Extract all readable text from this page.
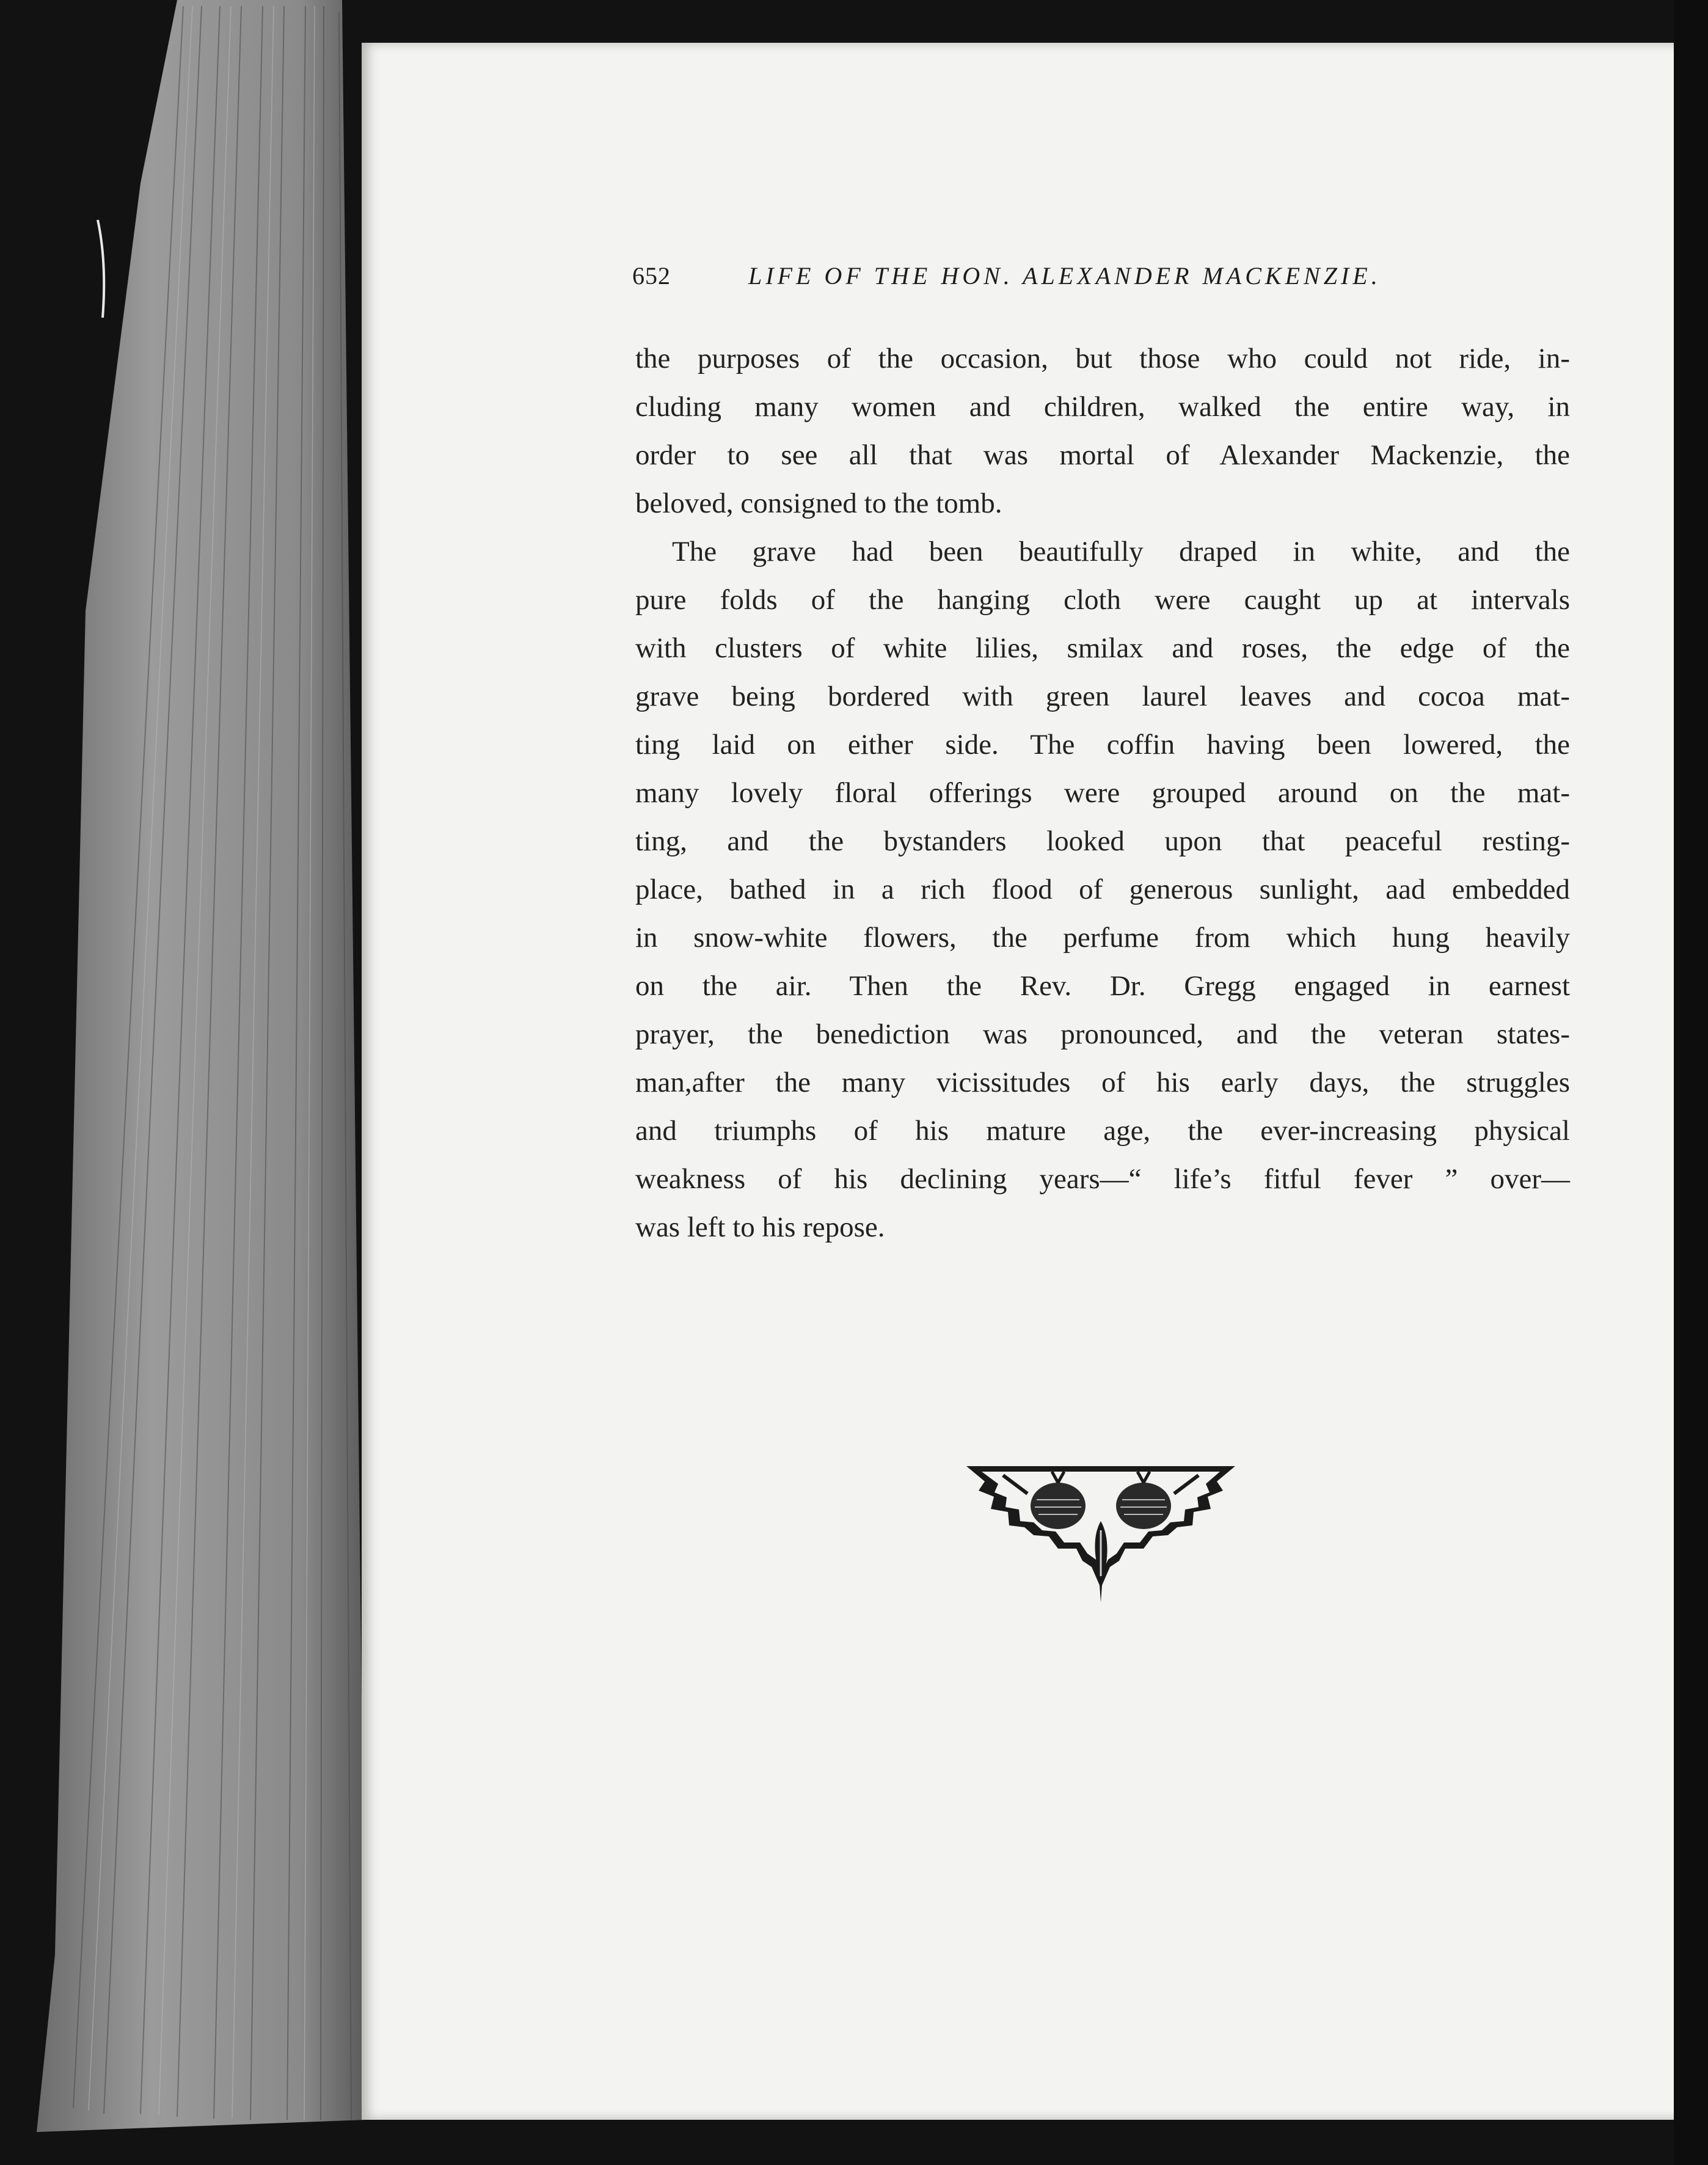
652	LIFE OF THE HON. ALEXANDER MACKENZIE.
the purposes of the occasion, but those who could not ride, in-
cluding many women and children, walked the entire way, in
order to see all that was mortal of Alexander Mackenzie, the
beloved, consigned to the tomb.
The grave had been beautifully draped in white, and the
pure folds of the hanging cloth were caught up at intervals
with clusters of white lilies, smilax and roses, the edge of the
grave being bordered with green laurel leaves and cocoa mat-
ting laid on either side. The coffin having been lowered, the
many lovely floral offerings were grouped around on the mat-
ting, and the bystanders looked upon that peaceful resting-
place, bathed in a rich flood of generous sunlight, aad embedded
in snow-white flowers, the perfume from which hung heavily
on the air. Then the Rev. Dr. Gregg engaged in earnest
prayer, the benediction was pronounced, and the veteran states-
man,after the many vicissitudes of his early days, the struggles
and triumphs of his mature age, the ever-increasing physical
weakness of his declining years—“ life’s fitful fever ” over—
was left to his repose.
